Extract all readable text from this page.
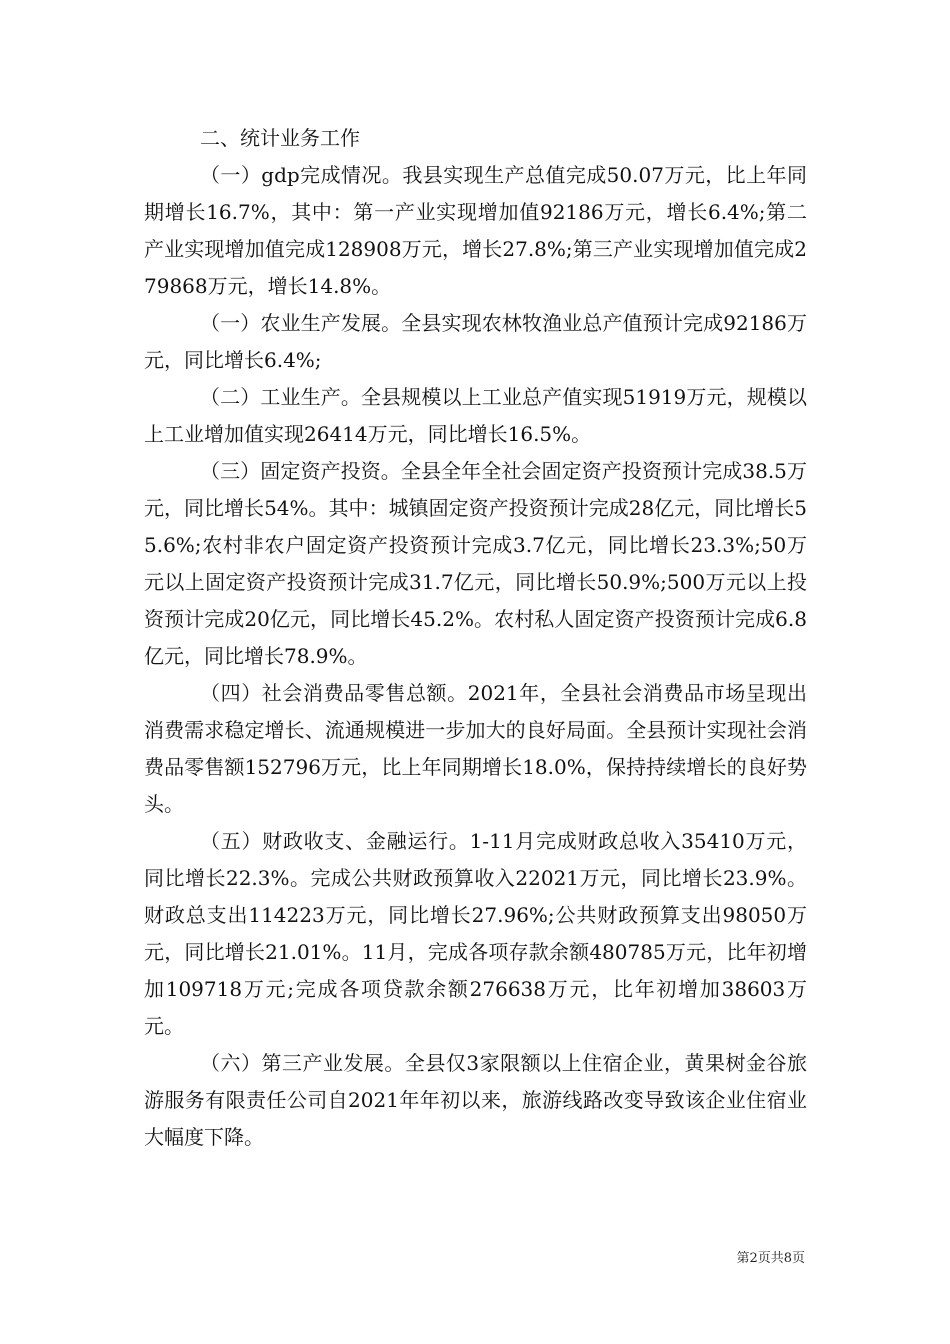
二、统计业务工作

（一）gdp完成情况。我县实现生产总值完成50.07万元，比上年同期增长16.7%，其中：第一产业实现增加值92186万元，增长6.4%;第二产业实现增加值完成128908万元，增长27.8%;第三产业实现增加值完成279868万元，增长14.8%。

（一）农业生产发展。全县实现农林牧渔业总产值预计完成92186万元，同比增长6.4%;

（二）工业生产。全县规模以上工业总产值实现51919万元，规模以上工业增加值实现26414万元，同比增长16.5%。

（三）固定资产投资。全县全年全社会固定资产投资预计完成38.5万元，同比增长54%。其中：城镇固定资产投资预计完成28亿元，同比增长55.6%;农村非农户固定资产投资预计完成3.7亿元，同比增长23.3%;50万元以上固定资产投资预计完成31.7亿元，同比增长50.9%;500万元以上投资预计完成20亿元，同比增长45.2%。农村私人固定资产投资预计完成6.8亿元，同比增长78.9%。

（四）社会消费品零售总额。2021年，全县社会消费品市场呈现出消费需求稳定增长、流通规模进一步加大的良好局面。全县预计实现社会消费品零售额152796万元，比上年同期增长18.0%，保持持续增长的良好势头。

（五）财政收支、金融运行。1-11月完成财政总收入35410万元，同比增长22.3%。完成公共财政预算收入22021万元，同比增长23.9%。财政总支出114223万元，同比增长27.96%;公共财政预算支出98050万元，同比增长21.01%。11月，完成各项存款余额480785万元，比年初增加109718万元;完成各项贷款余额276638万元，比年初增加38603万元。

（六）第三产业发展。全县仅3家限额以上住宿企业，黄果树金谷旅游服务有限责任公司自2021年年初以来，旅游线路改变导致该企业住宿业大幅度下降。

第2页共8页
